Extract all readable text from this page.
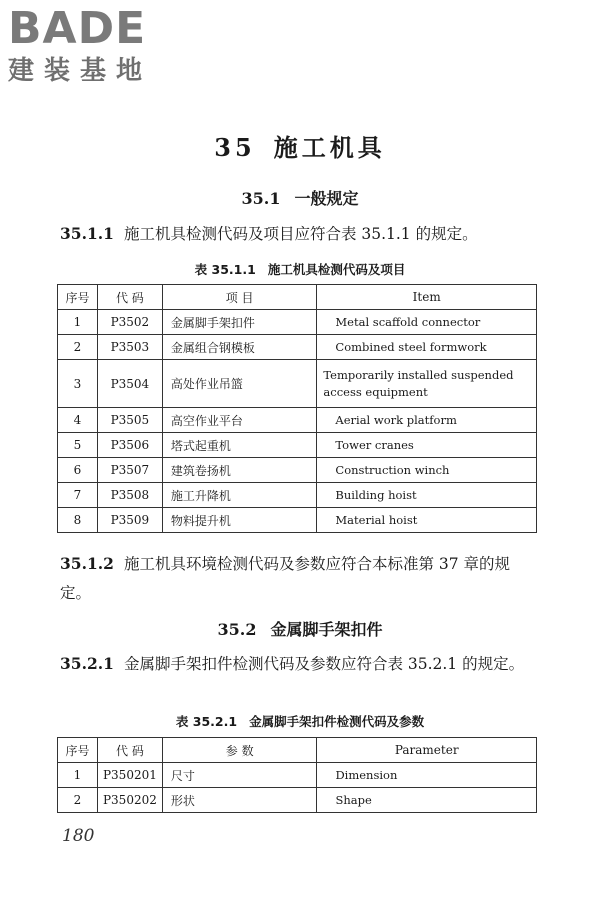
BADE
建装基地
35 施工机具
35.1 一般规定
35.1.1 施工机具检测代码及项目应符合表 35.1.1 的规定。
表 35.1.1 施工机具检测代码及项目
序号	代 码	项 目	Item
1	P3502	金属脚手架扣件	Metal scaffold connector
2	P3503	金属组合钢模板	Combined steel formwork
3	P3504	高处作业吊篮	Temporarily installed suspended access equipment
4	P3505	高空作业平台	Aerial work platform
5	P3506	塔式起重机	Tower cranes
6	P3507	建筑卷扬机	Construction winch
7	P3508	施工升降机	Building hoist
8	P3509	物料提升机	Material hoist
35.1.2 施工机具环境检测代码及参数应符合本标准第 37 章的规定。
35.2 金属脚手架扣件
35.2.1 金属脚手架扣件检测代码及参数应符合表 35.2.1 的规定。
表 35.2.1 金属脚手架扣件检测代码及参数
序号	代 码	参 数	Parameter
1	P350201	尺寸	Dimension
2	P350202	形状	Shape
180
